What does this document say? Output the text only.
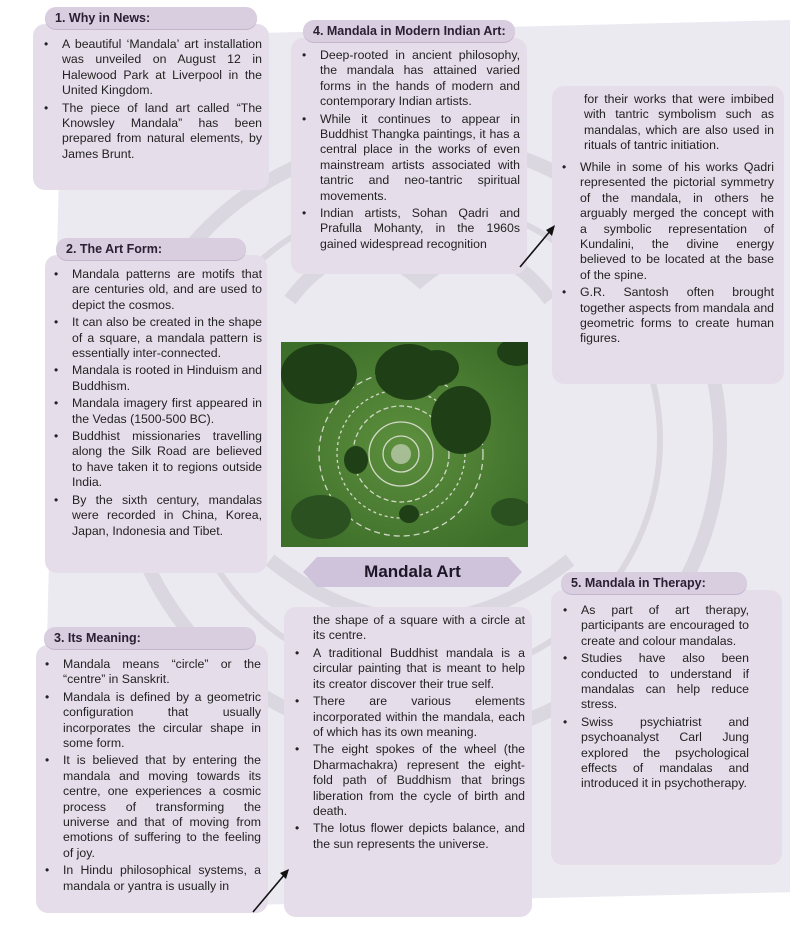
1. Why in News:
• A beautiful ‘Mandala’ art installation was unveiled on August 12 in Halewood Park at Liverpool in the United Kingdom.
• The piece of land art called “The Knowsley Mandala” has been prepared from natural elements, by James Brunt.
2. The Art Form:
• Mandala patterns are motifs that are centuries old, and are used to depict the cosmos.
• It can also be created in the shape of a square, a mandala pattern is essentially inter-connected.
• Mandala is rooted in Hinduism and Buddhism.
• Mandala imagery first appeared in the Vedas (1500-500 BC).
• Buddhist missionaries travelling along the Silk Road are believed to have taken it to regions outside India.
• By the sixth century, mandalas were recorded in China, Korea, Japan, Indonesia and Tibet.
3. Its Meaning:
• Mandala means “circle” or the “centre” in Sanskrit.
• Mandala is defined by a geometric configuration that usually incorporates the circular shape in some form.
• It is believed that by entering the mandala and moving towards its centre, one experiences a cosmic process of transforming the universe and that of moving from emotions of suffering to the feeling of joy.
• In Hindu philosophical systems, a mandala or yantra is usually in
the shape of a square with a circle at its centre.
• A traditional Buddhist mandala is a circular painting that is meant to help its creator discover their true self.
• There are various elements incorporated within the mandala, each of which has its own meaning.
• The eight spokes of the wheel (the Dharmachakra) represent the eight-fold path of Buddhism that brings liberation from the cycle of birth and death.
• The lotus flower depicts balance, and the sun represents the universe.
4. Mandala in Modern Indian Art:
• Deep-rooted in ancient philosophy, the mandala has attained varied forms in the hands of modern and contemporary Indian artists.
• While it continues to appear in Buddhist Thangka paintings, it has a central place in the works of even mainstream artists associated with tantric and neo-tantric spiritual movements.
• Indian artists, Sohan Qadri and Prafulla Mohanty, in the 1960s gained widespread recognition
for their works that were imbibed with tantric symbolism such as mandalas, which are also used in rituals of tantric initiation.
• While in some of his works Qadri represented the pictorial symmetry of the mandala, in others he arguably merged the concept with a symbolic representation of Kundalini, the divine energy believed to be located at the base of the spine.
• G.R. Santosh often brought together aspects from mandala and geometric forms to create human figures.
5. Mandala in Therapy:
• As part of art therapy, participants are encouraged to create and colour mandalas.
• Studies have also been conducted to understand if mandalas can help reduce stress.
• Swiss psychiatrist and psychoanalyst Carl Jung explored the psychological effects of mandalas and introduced it in psychotherapy.
Mandala Art
